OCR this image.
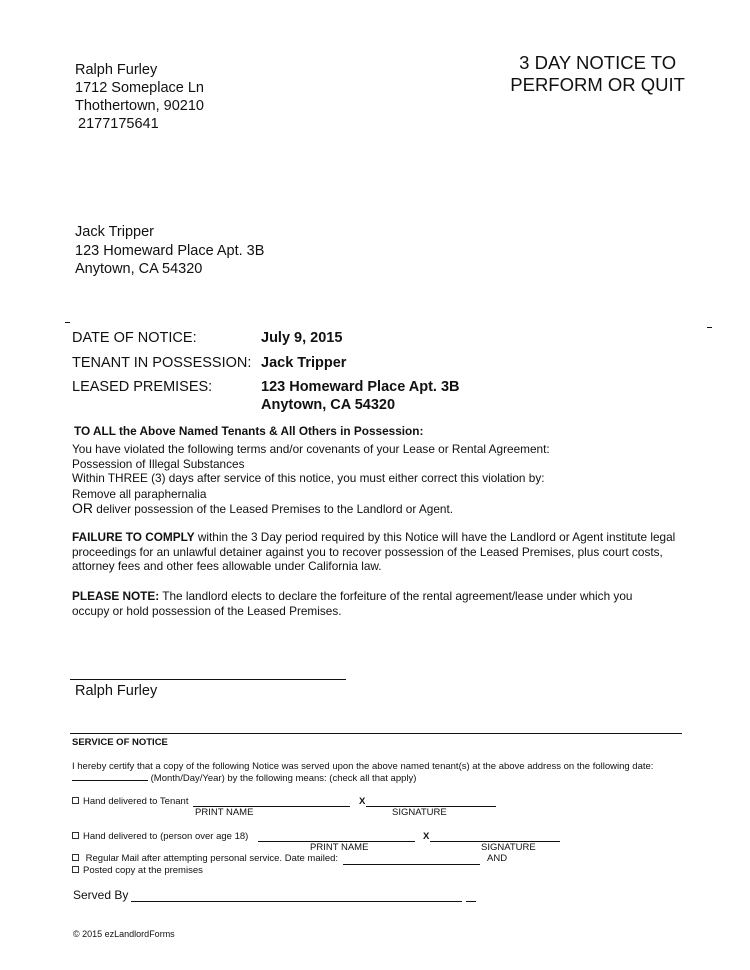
Ralph Furley
1712 Someplace Ln
Thothertown, 90210
2177175641
3 DAY NOTICE TO
PERFORM OR QUIT
Jack Tripper
123 Homeward Place Apt. 3B
Anytown, CA 54320
DATE OF NOTICE:	July 9, 2015
TENANT IN POSSESSION: Jack Tripper
LEASED PREMISES:	123 Homeward Place Apt. 3B
Anytown, CA 54320
TO ALL the Above Named Tenants & All Others in Possession:
You have violated the following terms and/or covenants of your Lease or Rental Agreement:
Possession of Illegal Substances
Within THREE (3) days after service of this notice, you must either correct this violation by:
Remove all paraphernalia
OR deliver possession of the Leased Premises to the Landlord or Agent.
FAILURE TO COMPLY within the 3 Day period required by this Notice will have the Landlord or Agent institute legal proceedings for an unlawful detainer against you to recover possession of the Leased Premises, plus court costs, attorney fees and other fees allowable under California law.
PLEASE NOTE: The landlord elects to declare the forfeiture of the rental agreement/lease under which you occupy or hold possession of the Leased Premises.
Ralph Furley
SERVICE OF NOTICE
I hereby certify that a copy of the following Notice was served upon the above named tenant(s) at the above address on the following date:
(Month/Day/Year) by the following means: (check all that apply)
Hand delivered to Tenant	X
PRINT NAME	SIGNATURE
Hand delivered to (person over age 18)	X
PRINT NAME	SIGNATURE
Regular Mail after attempting personal service. Date mailed:	AND
Posted copy at the premises
Served By
© 2015 ezLandlordForms
